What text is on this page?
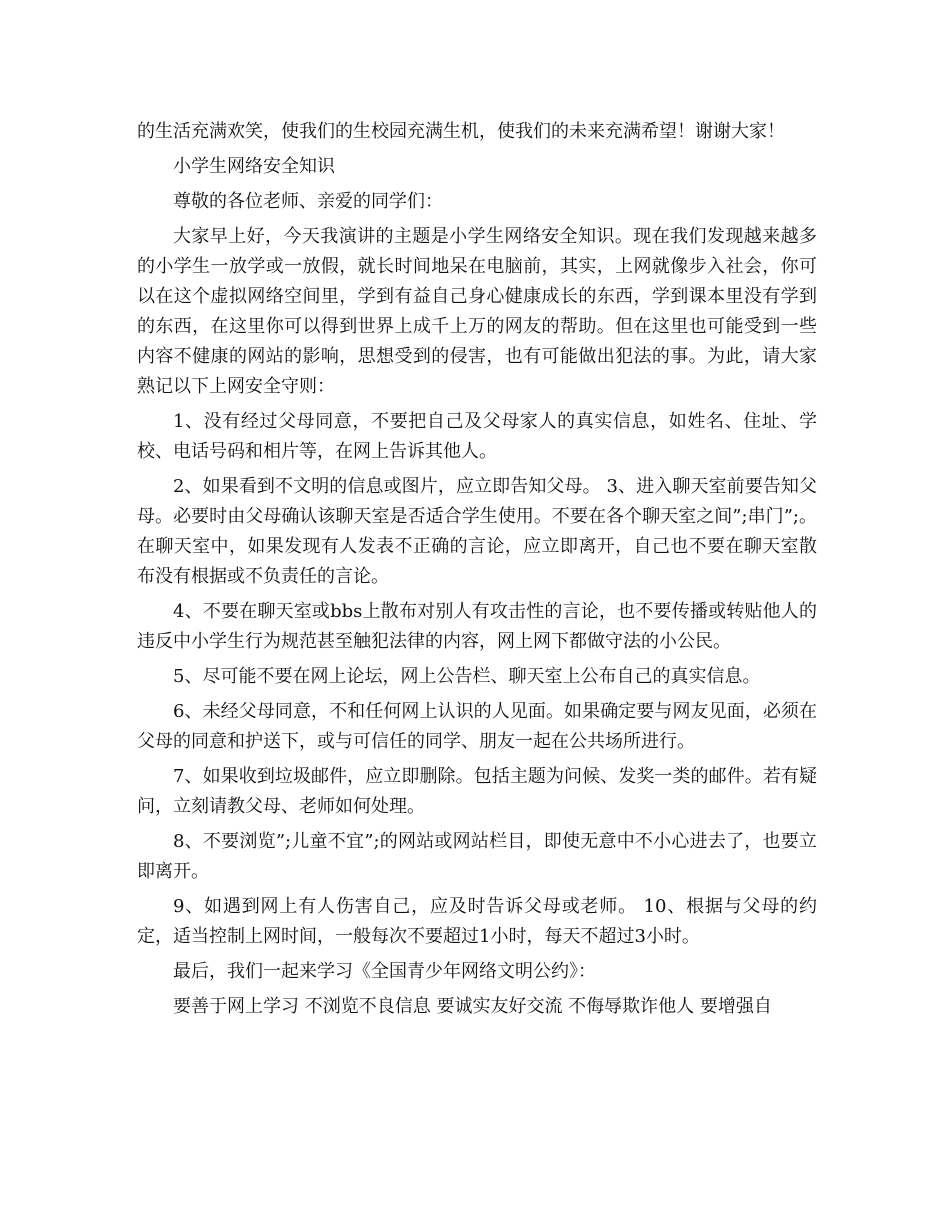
的生活充满欢笑，使我们的生校园充满生机，使我们的未来充满希望！谢谢大家！

小学生网络安全知识

尊敬的各位老师、亲爱的同学们：

大家早上好，今天我演讲的主题是小学生网络安全知识。现在我们发现越来越多的小学生一放学或一放假，就长时间地呆在电脑前，其实，上网就像步入社会，你可以在这个虚拟网络空间里，学到有益自己身心健康成长的东西，学到课本里没有学到的东西，在这里你可以得到世界上成千上万的网友的帮助。但在这里也可能受到一些内容不健康的网站的影响，思想受到的侵害，也有可能做出犯法的事。为此，请大家熟记以下上网安全守则：

1、没有经过父母同意，不要把自己及父母家人的真实信息，如姓名、住址、学校、电话号码和相片等，在网上告诉其他人。

2、如果看到不文明的信息或图片，应立即告知父母。 3、进入聊天室前要告知父母。必要时由父母确认该聊天室是否适合学生使用。不要在各个聊天室之间”;串门”;。在聊天室中，如果发现有人发表不正确的言论，应立即离开，自己也不要在聊天室散布没有根据或不负责任的言论。

4、不要在聊天室或bbs上散布对别人有攻击性的言论，也不要传播或转贴他人的违反中小学生行为规范甚至触犯法律的内容，网上网下都做守法的小公民。

5、尽可能不要在网上论坛，网上公告栏、聊天室上公布自己的真实信息。

6、未经父母同意，不和任何网上认识的人见面。如果确定要与网友见面，必须在父母的同意和护送下，或与可信任的同学、朋友一起在公共场所进行。

7、如果收到垃圾邮件，应立即删除。包括主题为问候、发奖一类的邮件。若有疑问，立刻请教父母、老师如何处理。

8、不要浏览”;儿童不宜”;的网站或网站栏目，即使无意中不小心进去了，也要立即离开。

9、如遇到网上有人伤害自己，应及时告诉父母或老师。 10、根据与父母的约定，适当控制上网时间，一般每次不要超过1小时，每天不超过3小时。

最后，我们一起来学习《全国青少年网络文明公约》：

要善于网上学习 不浏览不良信息 要诚实友好交流 不侮辱欺诈他人 要增强自
